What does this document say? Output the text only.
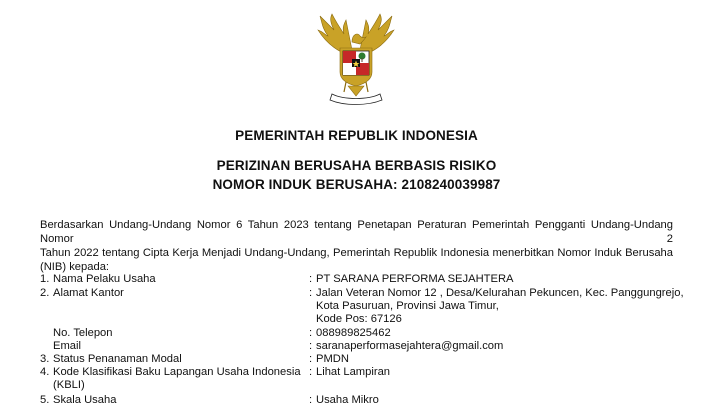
PEMERINTAH REPUBLIK INDONESIA
PERIZINAN BERUSAHA BERBASIS RISIKO
NOMOR INDUK BERUSAHA: 2108240039987
Berdasarkan Undang-Undang Nomor 6 Tahun 2023 tentang Penetapan Peraturan Pemerintah Pengganti Undang-Undang Nomor 2
Tahun 2022 tentang Cipta Kerja Menjadi Undang-Undang, Pemerintah Republik Indonesia menerbitkan Nomor Induk Berusaha
(NIB) kepada:
1. Nama Pelaku Usaha	: PT SARANA PERFORMA SEJAHTERA
2. Alamat Kantor	: Jalan Veteran Nomor 12 , Desa/Kelurahan Pekuncen, Kec. Panggungrejo,
Kota Pasuruan, Provinsi Jawa Timur,
Kode Pos: 67126
No. Telepon	: 088989825462
Email	: saranaperformasejahtera@gmail.com
3. Status Penanaman Modal	: PMDN
4. Kode Klasifikasi Baku Lapangan Usaha Indonesia : Lihat Lampiran
(KBLI)
5. Skala Usaha	: Usaha Mikro
